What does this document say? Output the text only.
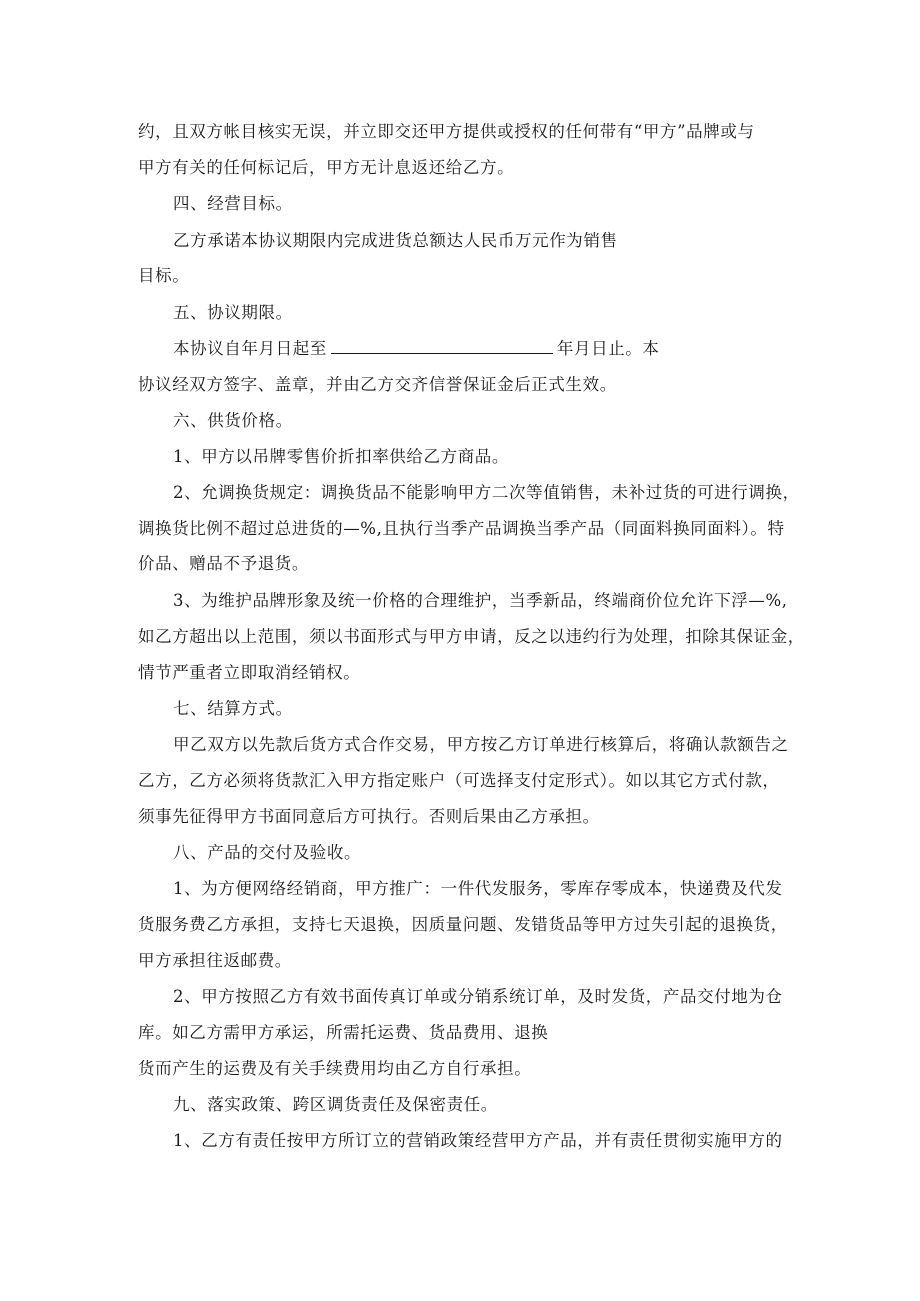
约，且双方帐目核实无误，并立即交还甲方提供或授权的任何带有“甲方”品牌或与
甲方有关的任何标记后，甲方无计息返还给乙方。
四、经营目标。
乙方承诺本协议期限内完成进货总额达人民币万元作为销售
目标。
五、协议期限。
本协议自年月日起至	年月日止。本
协议经双方签字、盖章，并由乙方交齐信誉保证金后正式生效。
六、供货价格。
1、甲方以吊牌零售价折扣率供给乙方商品。
2、允调换货规定：调换货品不能影响甲方二次等值销售，未补过货的可进行调换，
调换货比例不超过总进货的—%,且执行当季产品调换当季产品（同面料换同面料）。特
价品、赠品不予退货。
3、为维护品牌形象及统一价格的合理维护，当季新品，终端商价位允许下浮—%,
如乙方超出以上范围，须以书面形式与甲方申请，反之以违约行为处理，扣除其保证金，
情节严重者立即取消经销权。
七、结算方式。
甲乙双方以先款后货方式合作交易，甲方按乙方订单进行核算后，将确认款额告之
乙方，乙方必须将货款汇入甲方指定账户（可选择支付定形式）。如以其它方式付款，
须事先征得甲方书面同意后方可执行。否则后果由乙方承担。
八、产品的交付及验收。
1、为方便网络经销商，甲方推广：一件代发服务，零库存零成本，快递费及代发
货服务费乙方承担，支持七天退换，因质量问题、发错货品等甲方过失引起的退换货，
甲方承担往返邮费。
2、甲方按照乙方有效书面传真订单或分销系统订单，及时发货，产品交付地为仓
库。如乙方需甲方承运，所需托运费、货品费用、退换
货而产生的运费及有关手续费用均由乙方自行承担。
九、落实政策、跨区调货责任及保密责任。
1、乙方有责任按甲方所订立的营销政策经营甲方产品，并有责任贯彻实施甲方的
